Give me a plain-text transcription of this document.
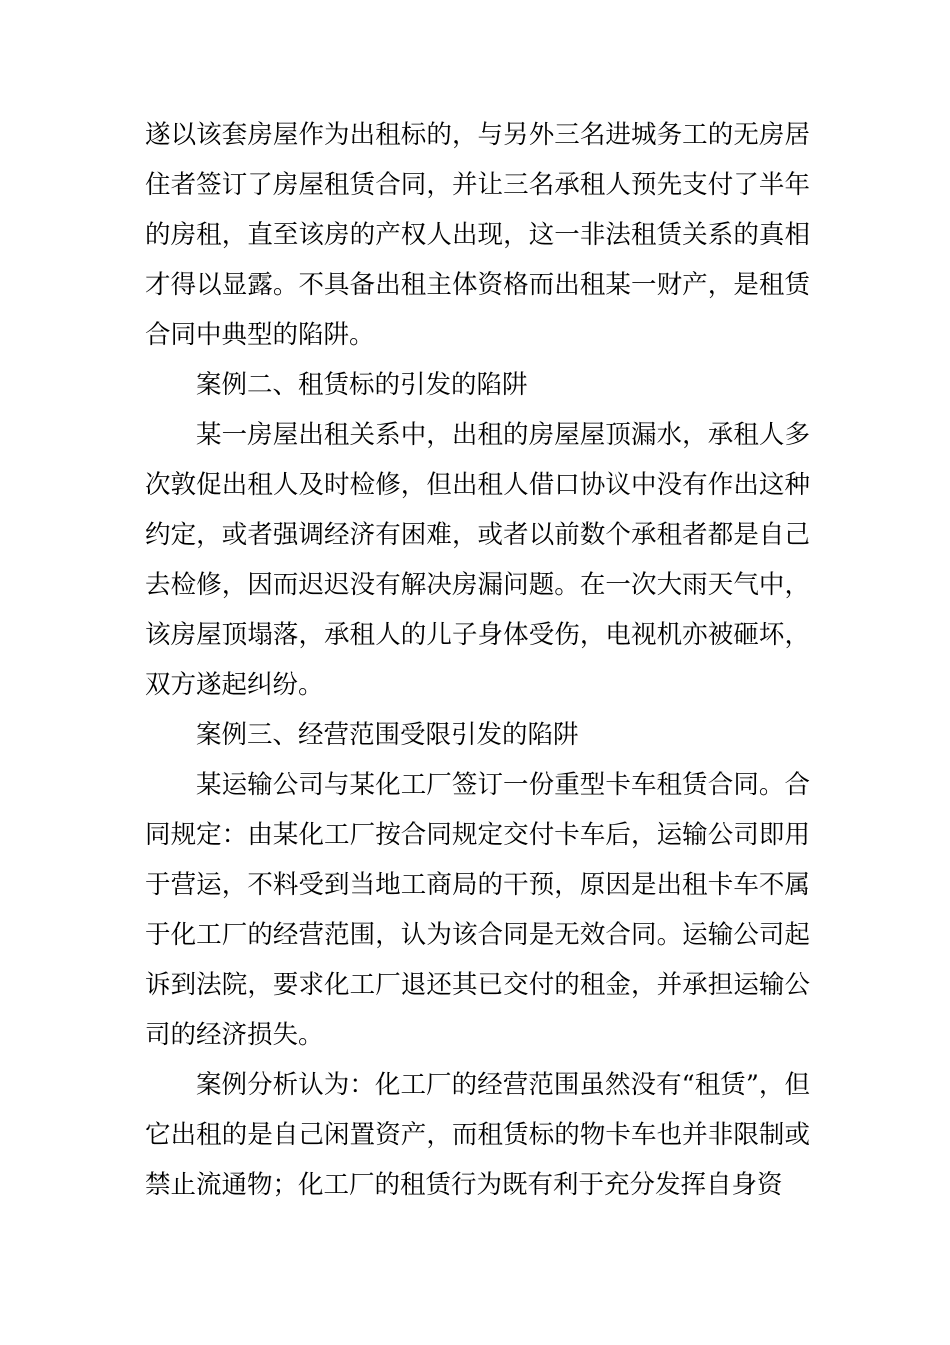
遂以该套房屋作为出租标的，与另外三名进城务工的无房居住者签订了房屋租赁合同，并让三名承租人预先支付了半年的房租，直至该房的产权人出现，这一非法租赁关系的真相才得以显露。不具备出租主体资格而出租某一财产，是租赁合同中典型的陷阱。

案例二、租赁标的引发的陷阱

某一房屋出租关系中，出租的房屋屋顶漏水，承租人多次敦促出租人及时检修，但出租人借口协议中没有作出这种约定，或者强调经济有困难，或者以前数个承租者都是自己去检修，因而迟迟没有解决房漏问题。在一次大雨天气中，该房屋顶塌落，承租人的儿子身体受伤，电视机亦被砸坏，双方遂起纠纷。

案例三、经营范围受限引发的陷阱

某运输公司与某化工厂签订一份重型卡车租赁合同。合同规定：由某化工厂按合同规定交付卡车后，运输公司即用于营运，不料受到当地工商局的干预，原因是出租卡车不属于化工厂的经营范围，认为该合同是无效合同。运输公司起诉到法院，要求化工厂退还其已交付的租金，并承担运输公司的经济损失。

案例分析认为：化工厂的经营范围虽然没有“租赁”，但它出租的是自己闲置资产，而租赁标的物卡车也并非限制或禁止流通物；化工厂的租赁行为既有利于充分发挥自身资
